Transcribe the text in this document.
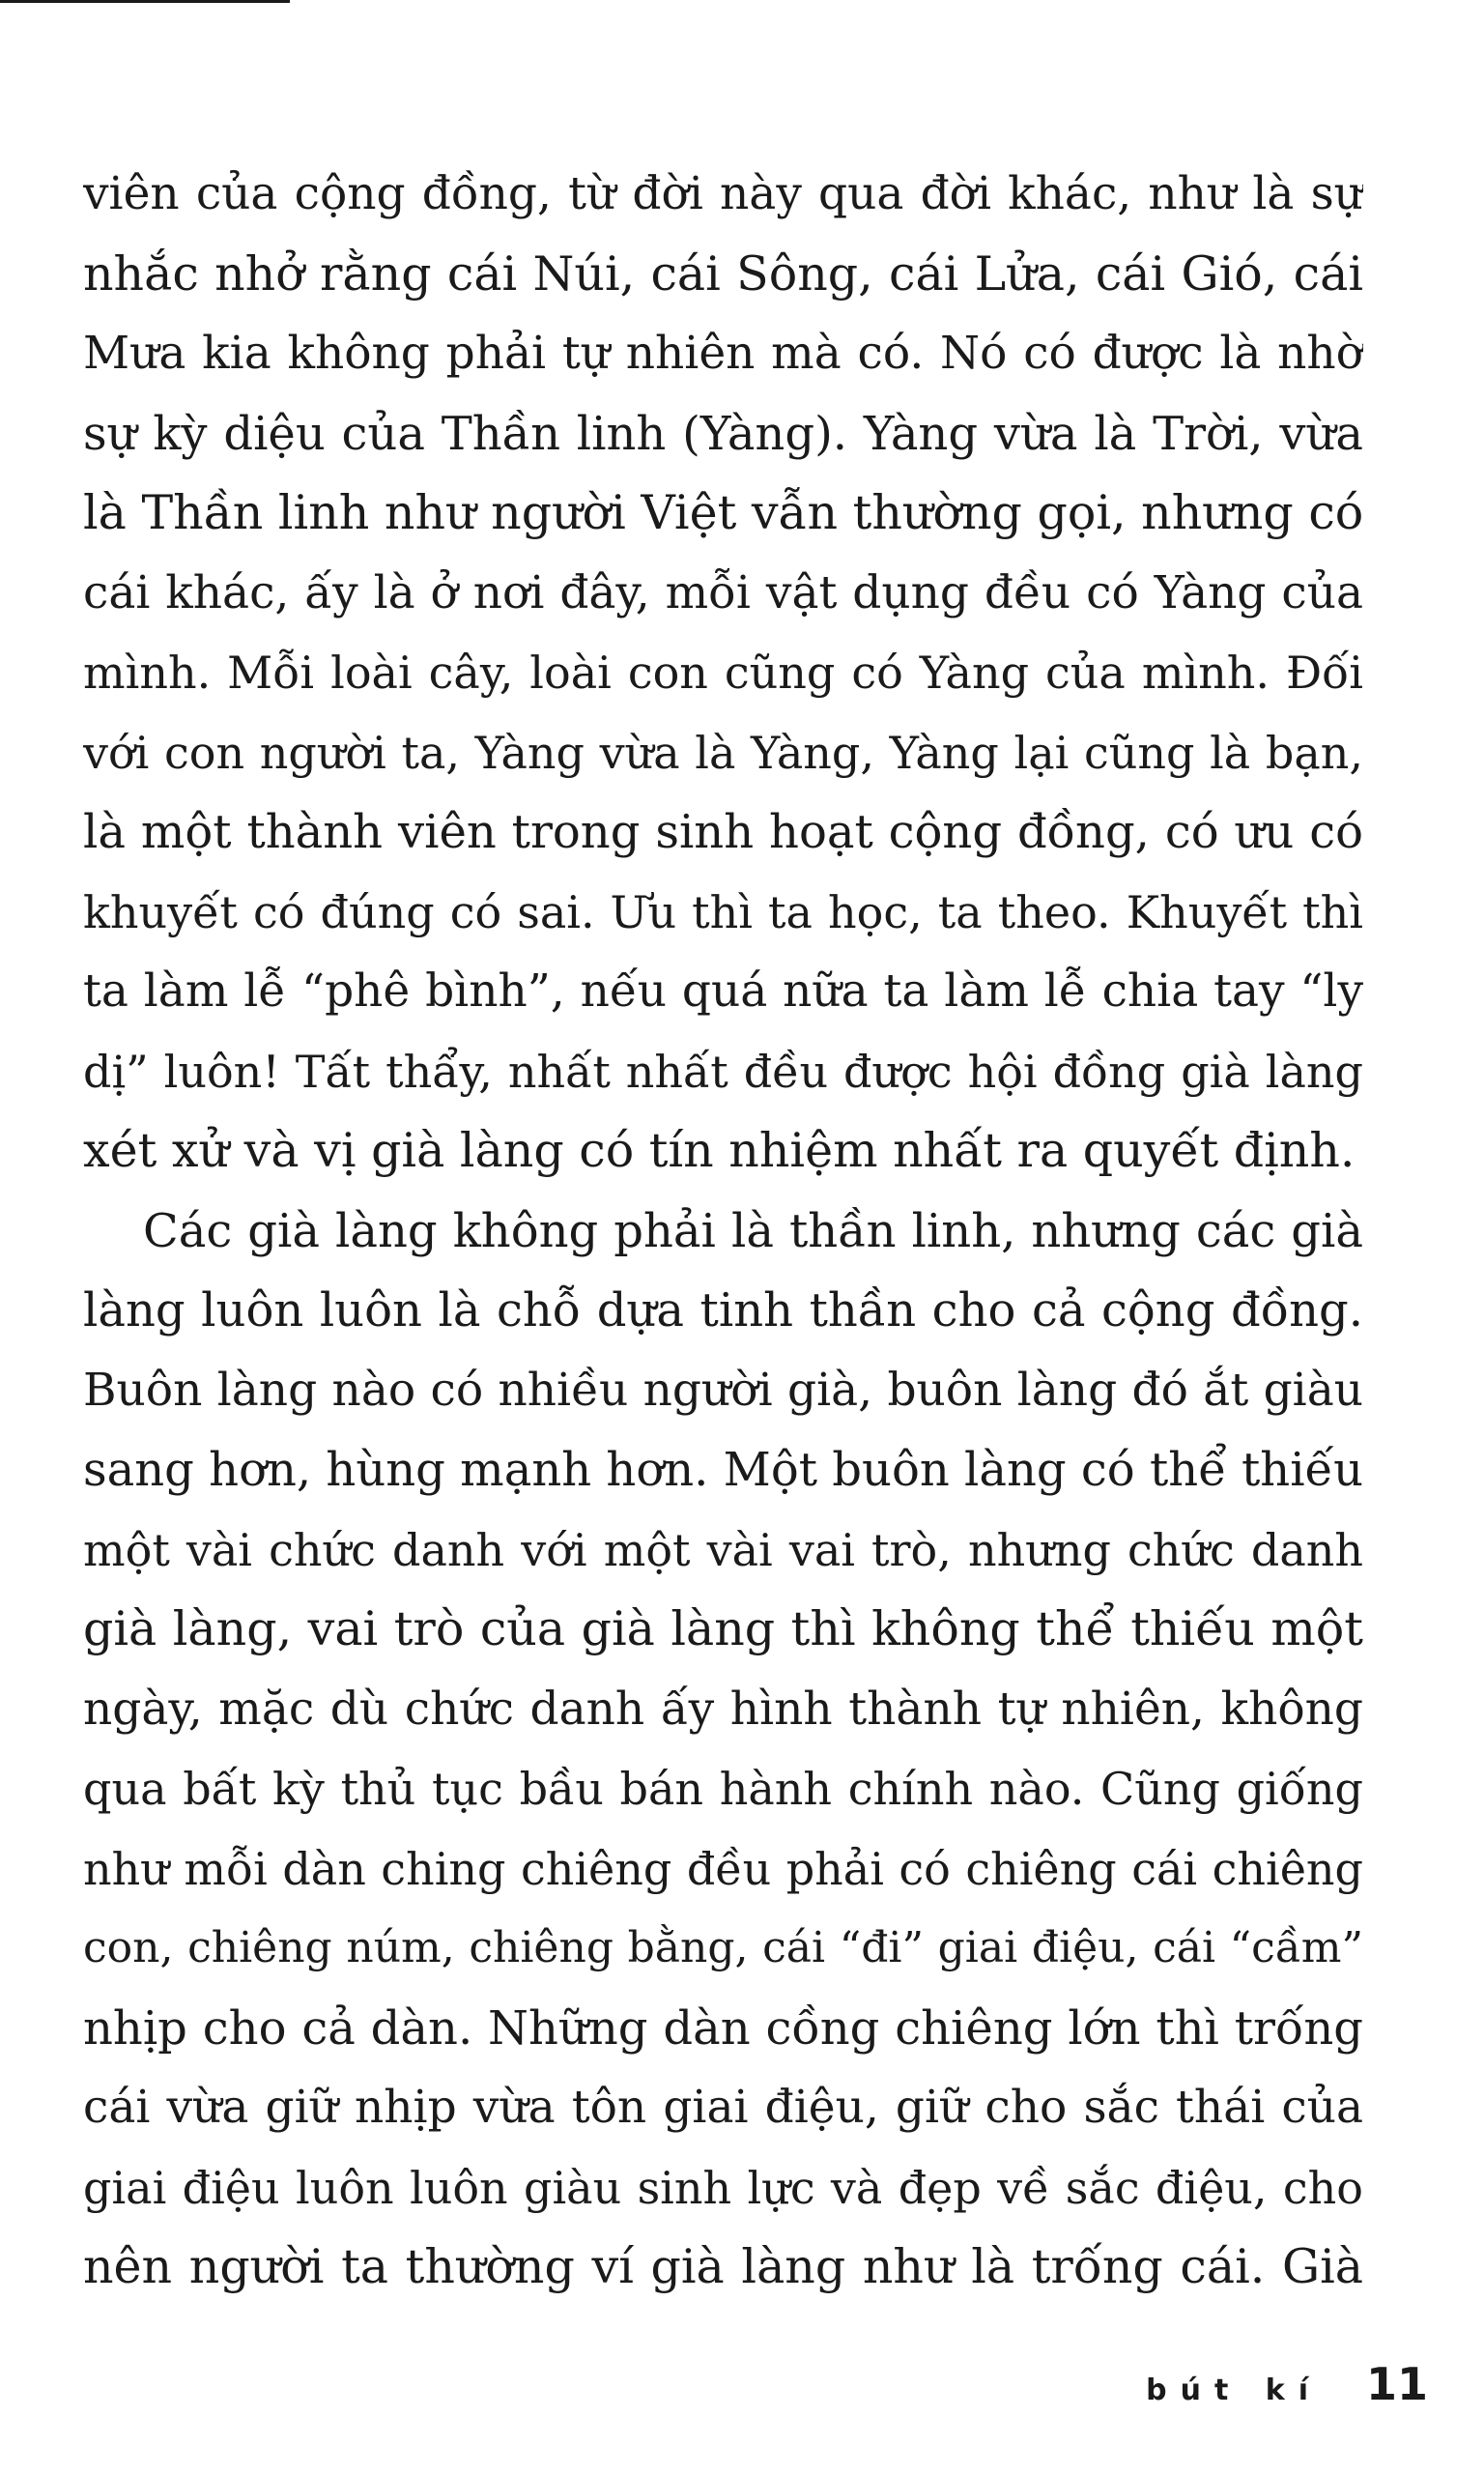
viên của cộng đồng, từ đời này qua đời khác, như là sự
nhắc nhở rằng cái Núi, cái Sông, cái Lửa, cái Gió, cái
Mưa kia không phải tự nhiên mà có. Nó có được là nhờ
sự kỳ diệu của Thần linh (Yàng). Yàng vừa là Trời, vừa
là Thần linh như người Việt vẫn thường gọi, nhưng có
cái khác, ấy là ở nơi đây, mỗi vật dụng đều có Yàng của
mình. Mỗi loài cây, loài con cũng có Yàng của mình. Đối
với con người ta, Yàng vừa là Yàng, Yàng lại cũng là bạn,
là một thành viên trong sinh hoạt cộng đồng, có ưu có
khuyết có đúng có sai. Ưu thì ta học, ta theo. Khuyết thì
ta làm lễ “phê bình”, nếu quá nữa ta làm lễ chia tay “ly
dị” luôn! Tất thẩy, nhất nhất đều được hội đồng già làng
xét xử và vị già làng có tín nhiệm nhất ra quyết định.
Các già làng không phải là thần linh, nhưng các già
làng luôn luôn là chỗ dựa tinh thần cho cả cộng đồng.
Buôn làng nào có nhiều người già, buôn làng đó ắt giàu
sang hơn, hùng mạnh hơn. Một buôn làng có thể thiếu
một vài chức danh với một vài vai trò, nhưng chức danh
già làng, vai trò của già làng thì không thể thiếu một
ngày, mặc dù chức danh ấy hình thành tự nhiên, không
qua bất kỳ thủ tục bầu bán hành chính nào. Cũng giống
như mỗi dàn ching chiêng đều phải có chiêng cái chiêng
con, chiêng núm, chiêng bằng, cái “đi” giai điệu, cái “cầm”
nhịp cho cả dàn. Những dàn cồng chiêng lớn thì trống
cái vừa giữ nhịp vừa tôn giai điệu, giữ cho sắc thái của
giai điệu luôn luôn giàu sinh lực và đẹp về sắc điệu, cho
nên người ta thường ví già làng như là trống cái. Già
bút kí 11
